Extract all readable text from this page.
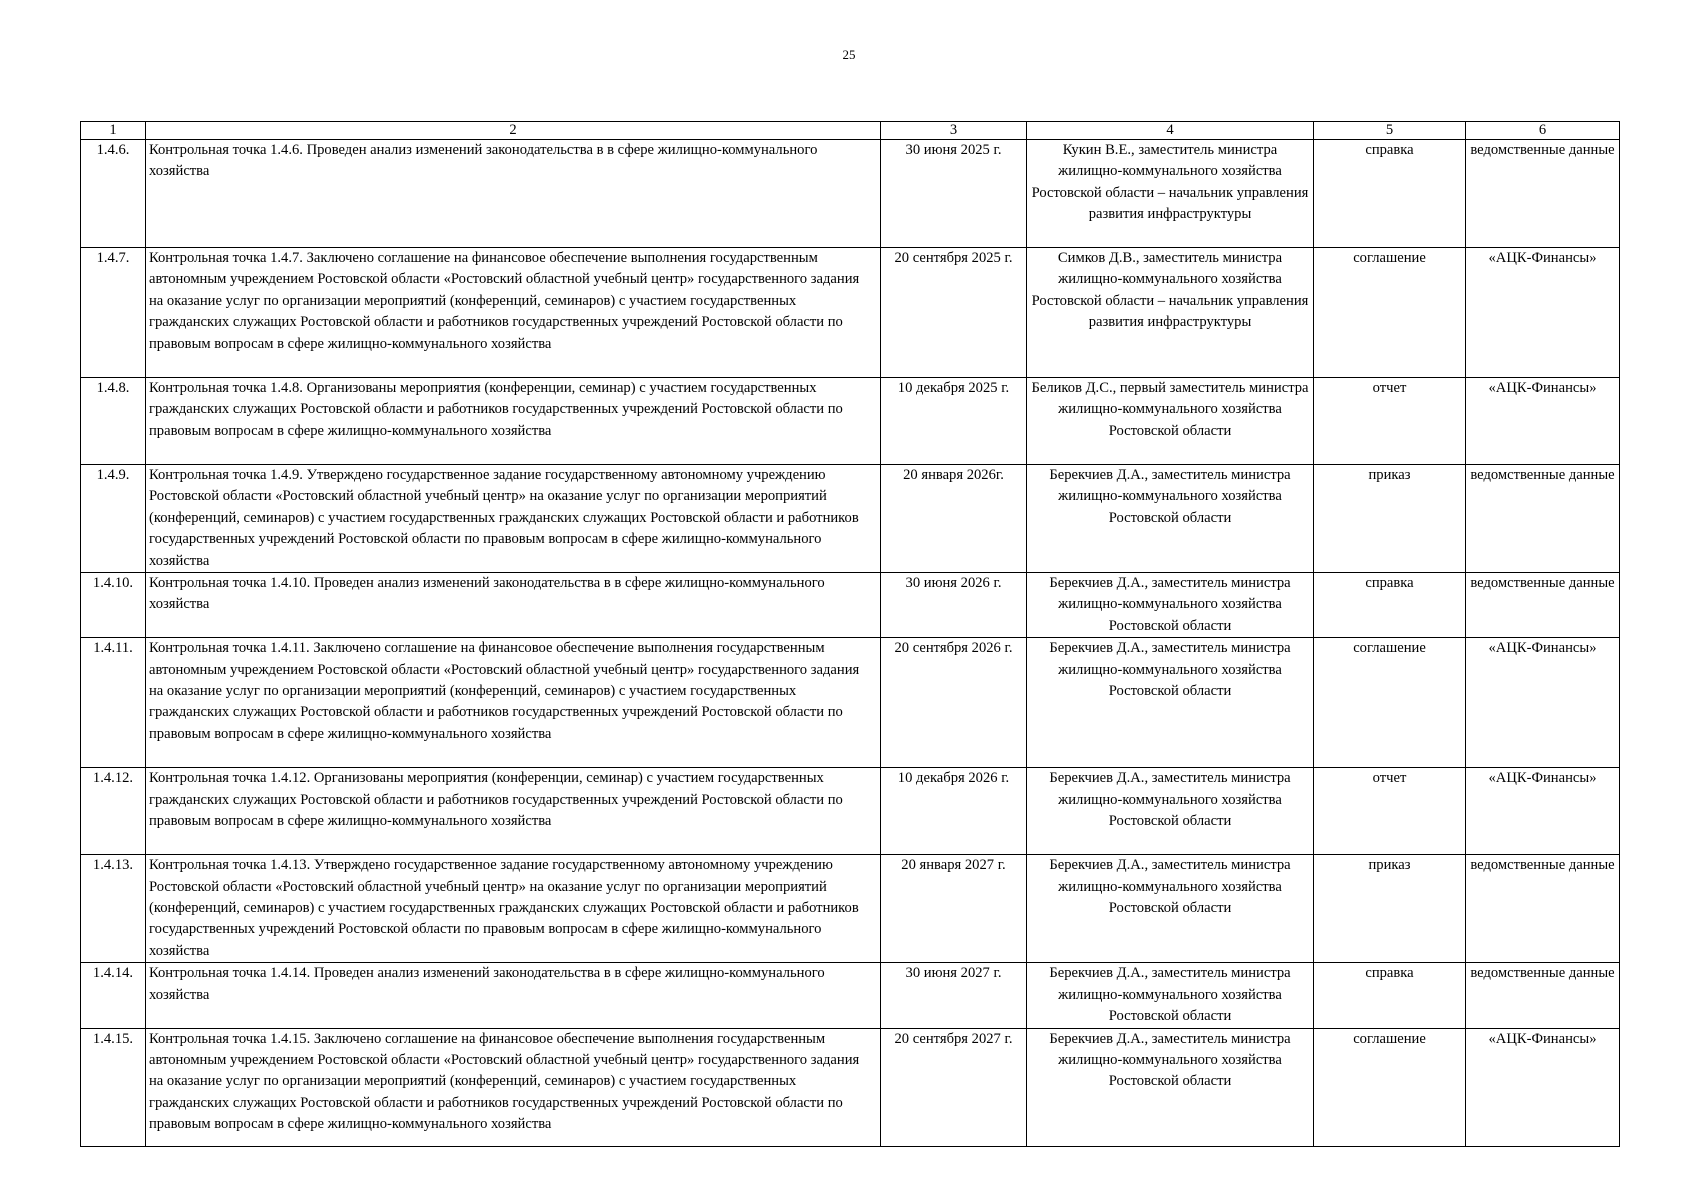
25
1	2	3	4	5	6
1.4.6.	Контрольная точка 1.4.6. Проведен анализ изменений законодательства в в сфере жилищно-коммунального хозяйства	30 июня 2025 г.	Кукин В.Е., заместитель министра жилищно-коммунального хозяйства Ростовской области – начальник управления развития инфраструктуры	справка	ведомственные данные
1.4.7.	Контрольная точка 1.4.7. Заключено соглашение на финансовое обеспечение выполнения государственным автономным учреждением Ростовской области «Ростовский областной учебный центр» государственного задания на оказание услуг по организации мероприятий (конференций, семинаров) с участием государственных гражданских служащих Ростовской области и работников государственных учреждений Ростовской области по правовым вопросам в сфере жилищно-коммунального хозяйства	20 сентября 2025 г.	Симков Д.В., заместитель министра жилищно-коммунального хозяйства Ростовской области – начальник управления развития инфраструктуры	соглашение	«АЦК-Финансы»
1.4.8.	Контрольная точка 1.4.8. Организованы мероприятия (конференции, семинар) с участием государственных гражданских служащих Ростовской области и работников государственных учреждений Ростовской области по правовым вопросам в сфере жилищно-коммунального хозяйства	10 декабря 2025 г.	Беликов Д.С., первый заместитель министра жилищно-коммунального хозяйства Ростовской области	отчет	«АЦК-Финансы»
1.4.9.	Контрольная точка 1.4.9. Утверждено государственное задание государственному автономному учреждению Ростовской области «Ростовский областной учебный центр» на оказание услуг по организации мероприятий (конференций, семинаров) с участием государственных гражданских служащих Ростовской области и работников государственных учреждений Ростовской области по правовым вопросам в сфере жилищно-коммунального хозяйства	20 января 2026г.	Берекчиев Д.А., заместитель министра жилищно-коммунального хозяйства Ростовской области	приказ	ведомственные данные
1.4.10.	Контрольная точка 1.4.10. Проведен анализ изменений законодательства в в сфере жилищно-коммунального хозяйства	30 июня 2026 г.	Берекчиев Д.А., заместитель министра жилищно-коммунального хозяйства Ростовской области	справка	ведомственные данные
1.4.11.	Контрольная точка 1.4.11. Заключено соглашение на финансовое обеспечение выполнения государственным автономным учреждением Ростовской области «Ростовский областной учебный центр» государственного задания на оказание услуг по организации мероприятий (конференций, семинаров) с участием государственных гражданских служащих Ростовской области и работников государственных учреждений Ростовской области по правовым вопросам в сфере жилищно-коммунального хозяйства	20 сентября 2026 г.	Берекчиев Д.А., заместитель министра жилищно-коммунального хозяйства Ростовской области	соглашение	«АЦК-Финансы»
1.4.12.	Контрольная точка 1.4.12. Организованы мероприятия (конференции, семинар) с участием государственных гражданских служащих Ростовской области и работников государственных учреждений Ростовской области по правовым вопросам в сфере жилищно-коммунального хозяйства	10 декабря 2026 г.	Берекчиев Д.А., заместитель министра жилищно-коммунального хозяйства Ростовской области	отчет	«АЦК-Финансы»
1.4.13.	Контрольная точка 1.4.13. Утверждено государственное задание государственному автономному учреждению Ростовской области «Ростовский областной учебный центр» на оказание услуг по организации мероприятий (конференций, семинаров) с участием государственных гражданских служащих Ростовской области и работников государственных учреждений Ростовской области по правовым вопросам в сфере жилищно-коммунального хозяйства	20 января 2027 г.	Берекчиев Д.А., заместитель министра жилищно-коммунального хозяйства Ростовской области	приказ	ведомственные данные
1.4.14.	Контрольная точка 1.4.14. Проведен анализ изменений законодательства в в сфере жилищно-коммунального хозяйства	30 июня 2027 г.	Берекчиев Д.А., заместитель министра жилищно-коммунального хозяйства Ростовской области	справка	ведомственные данные
1.4.15.	Контрольная точка 1.4.15. Заключено соглашение на финансовое обеспечение выполнения государственным автономным учреждением Ростовской области «Ростовский областной учебный центр» государственного задания на оказание услуг по организации мероприятий (конференций, семинаров) с участием государственных гражданских служащих Ростовской области и работников государственных учреждений Ростовской области по правовым вопросам в сфере жилищно-коммунального хозяйства	20 сентября 2027 г.	Берекчиев Д.А., заместитель министра жилищно-коммунального хозяйства Ростовской области	соглашение	«АЦК-Финансы»
